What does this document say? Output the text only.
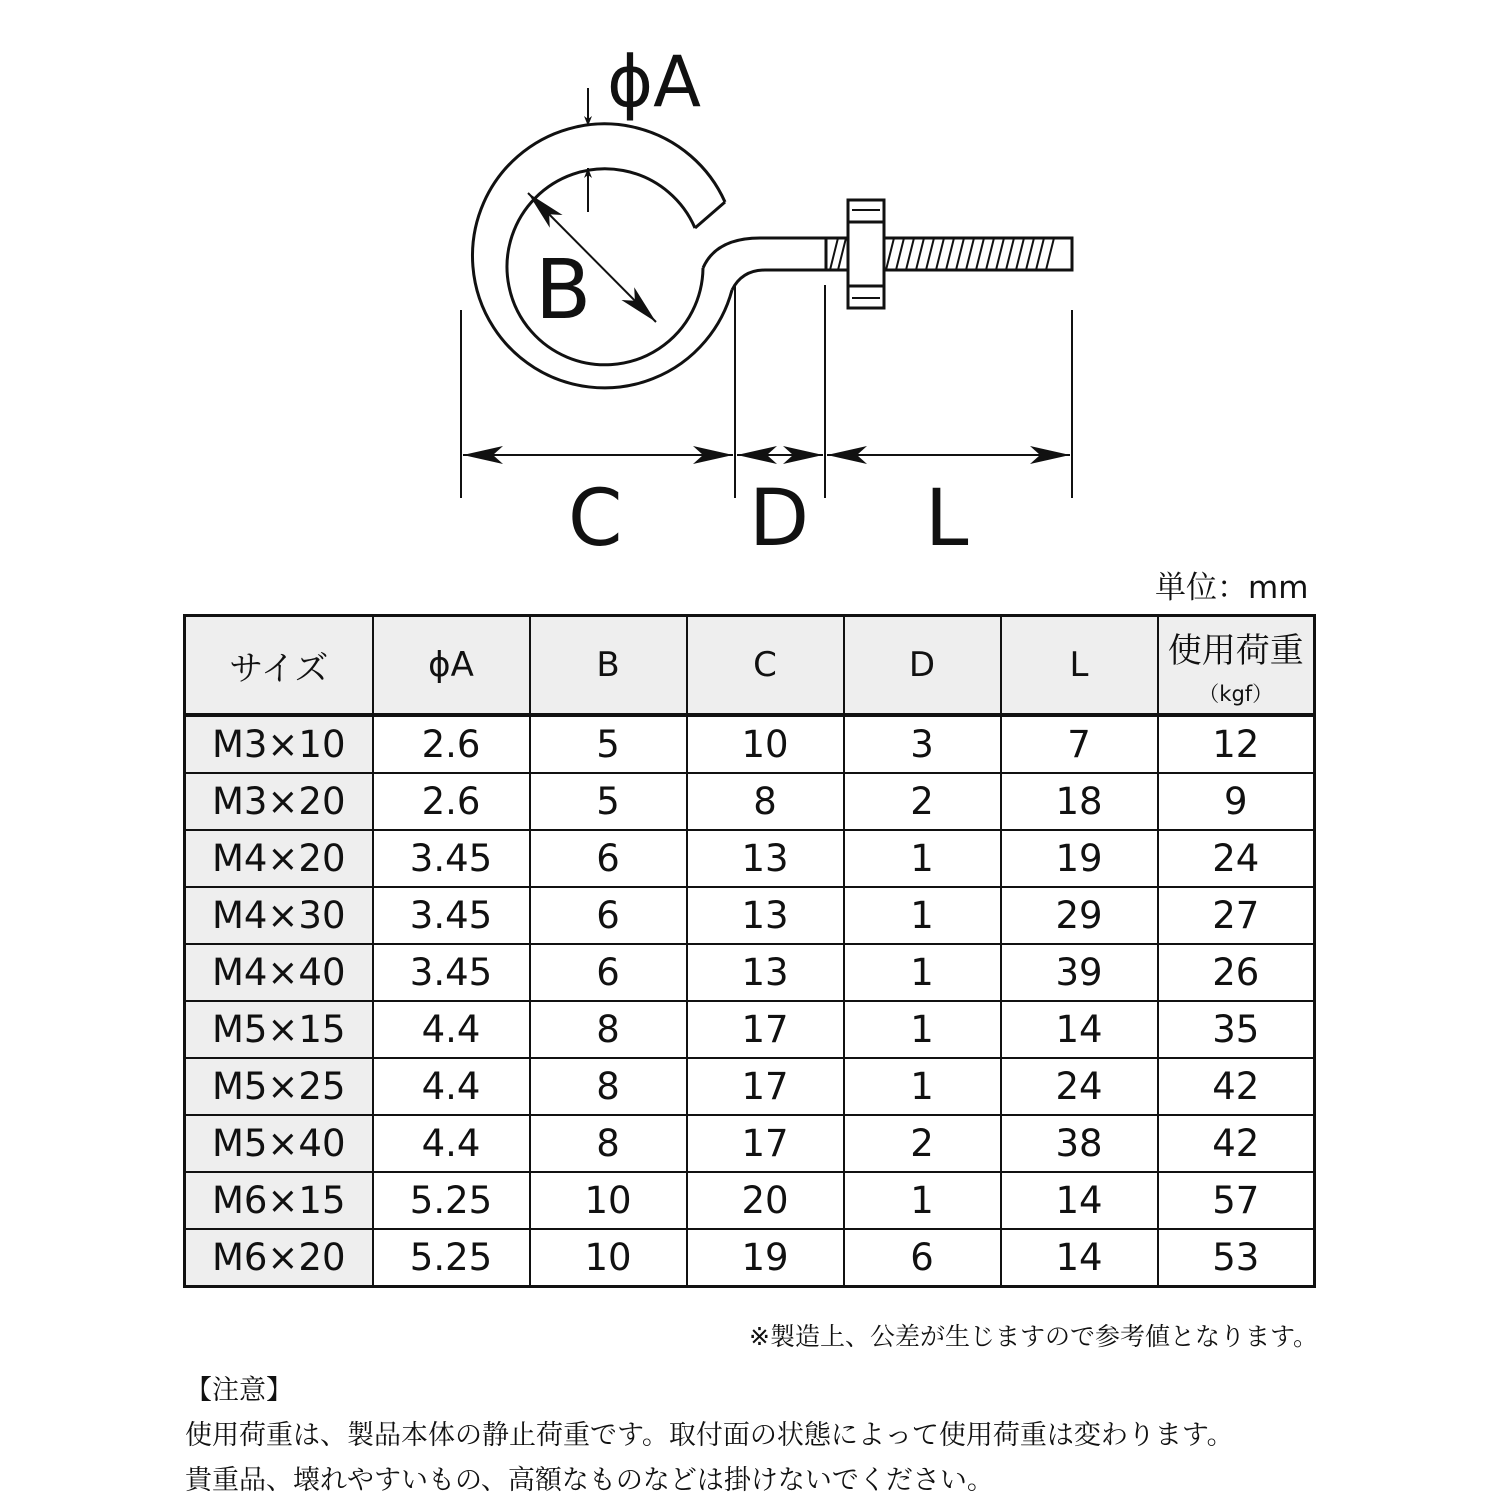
ϕA
B
C D L
単位：mm
サイズ	ϕA	B	C	D	L	使用荷重
（kgf）

M3×10	2.6	5	10	3	7	12
M3×20	2.6	5	8	2	18	9
M4×20	3.45	6	13	1	19	24
M4×30	3.45	6	13	1	29	27
M4×40	3.45	6	13	1	39	26
M5×15	4.4	8	17	1	14	35
M5×25	4.4	8	17	1	24	42
M5×40	4.4	8	17	2	38	42
M6×15	5.25	10	20	1	14	57
M6×20	5.25	10	19	6	14	53
※製造上、公差が生じますので参考値となります。
【注意】
使用荷重は、製品本体の静止荷重です。取付面の状態によって使用荷重は変わります。
貴重品、壊れやすいもの、高額なものなどは掛けないでください。
